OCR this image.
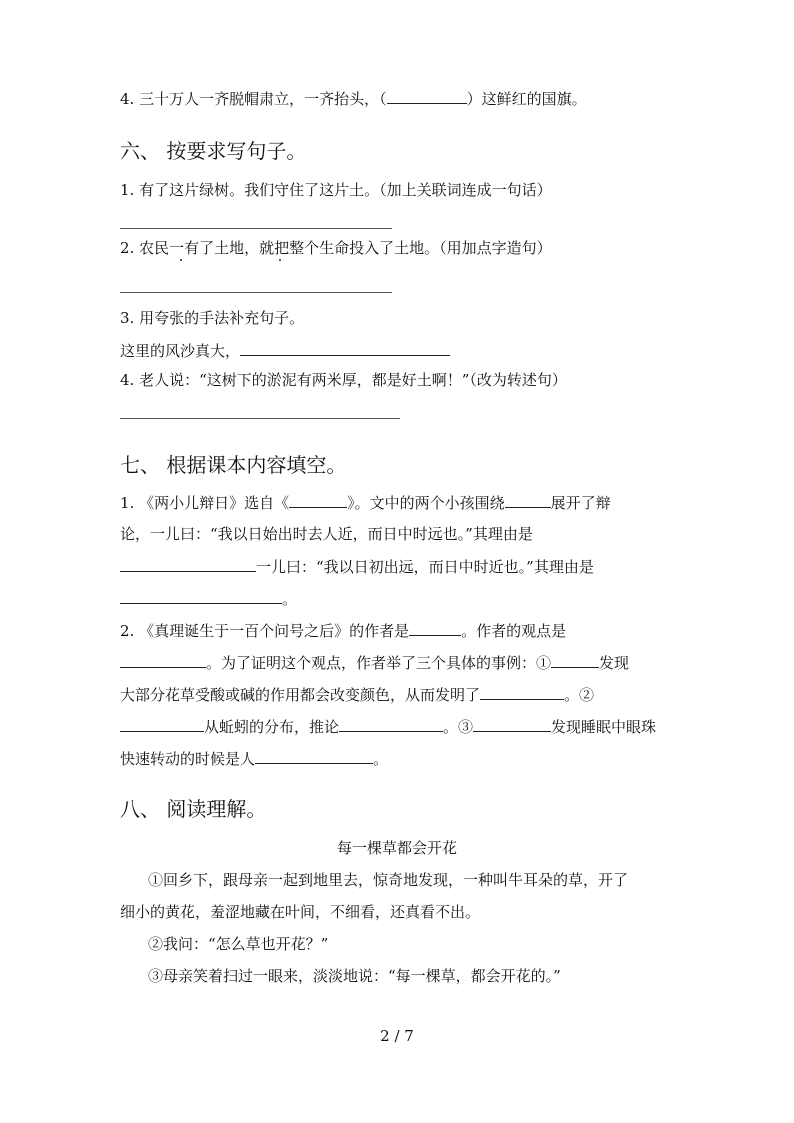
4. 三十万人一齐脱帽肃立，一齐抬头，（	）这鲜红的国旗。
六、 按要求写句子。
1. 有了这片绿树。我们守住了这片土。（加上关联词连成一句话）
2. 农民一有了土地，就把整个生命投入了土地。（用加点字造句）
3. 用夸张的手法补充句子。
这里的风沙真大，
4. 老人说：“这树下的淤泥有两米厚，都是好土啊！”（改为转述句）
七、 根据课本内容填空。
1. 《两小儿辩日》选自《	》。文中的两个小孩围绕	展开了辩
论，一儿曰：“我以日始出时去人近，而日中时远也。”其理由是
一儿曰：“我以日初出远，而日中时近也。”其理由是
。
2. 《真理诞生于一百个问号之后》的作者是	。作者的观点是
。为了证明这个观点，作者举了三个具体的事例：①	发现
大部分花草受酸或碱的作用都会改变颜色，从而发明了	。②
从蚯蚓的分布，推论	。③	发现睡眠中眼珠
快速转动的时候是人	。
八、 阅读理解。
每一棵草都会开花
①回乡下，跟母亲一起到地里去，惊奇地发现，一种叫牛耳朵的草，开了
细小的黄花，羞涩地藏在叶间，不细看，还真看不出。
②我问：“怎么草也开花？”
③母亲笑着扫过一眼来，淡淡地说：“每一棵草，都会开花的。”
2 / 7
